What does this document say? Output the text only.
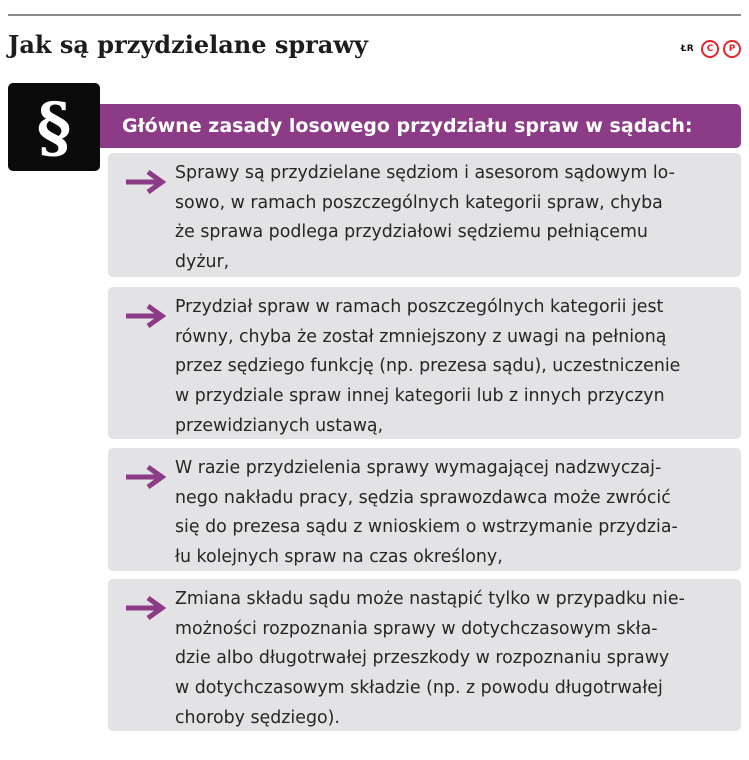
Jak są przydzielane sprawy	ŁR	C	P
§	Główne zasady losowego przydziału spraw w sądach:

Sprawy są przydzielane sędziom i asesorom sądowym lo-
sowo, w ramach poszczególnych kategorii spraw, chyba
że sprawa podlega przydziałowi sędziemu pełniącemu
dyżur,

Przydział spraw w ramach poszczególnych kategorii jest
równy, chyba że został zmniejszony z uwagi na pełnioną
przez sędziego funkcję (np. prezesa sądu), uczestniczenie
w przydziale spraw innej kategorii lub z innych przyczyn
przewidzianych ustawą,

W razie przydzielenia sprawy wymagającej nadzwyczaj-
nego nakładu pracy, sędzia sprawozdawca może zwrócić
się do prezesa sądu z wnioskiem o wstrzymanie przydzia-
łu kolejnych spraw na czas określony,

Zmiana składu sądu może nastąpić tylko w przypadku nie-
możności rozpoznania sprawy w dotychczasowym skła-
dzie albo długotrwałej przeszkody w rozpoznaniu sprawy
w dotychczasowym składzie (np. z powodu długotrwałej
choroby sędziego).
